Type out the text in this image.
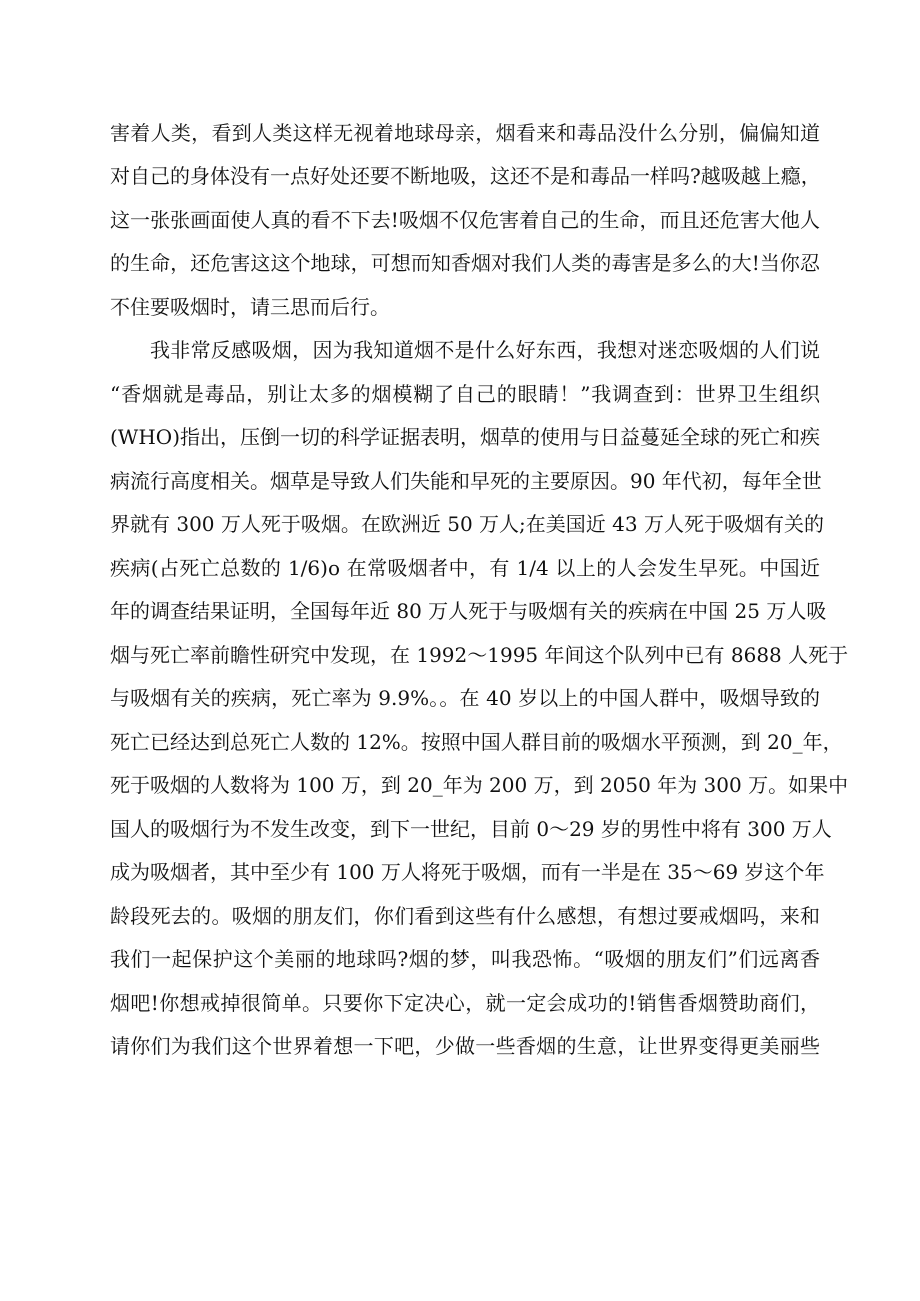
害着人类，看到人类这样无视着地球母亲，烟看来和毒品没什么分别，偏偏知道

对自己的身体没有一点好处还要不断地吸，这还不是和毒品一样吗?越吸越上瘾，

这一张张画面使人真的看不下去!吸烟不仅危害着自己的生命，而且还危害大他人

的生命，还危害这这个地球，可想而知香烟对我们人类的毒害是多么的大!当你忍

不住要吸烟时，请三思而后行。

我非常反感吸烟，因为我知道烟不是什么好东西，我想对迷恋吸烟的人们说

“香烟就是毒品，别让太多的烟模糊了自己的眼睛！”我调查到：世界卫生组织

(WHO)指出，压倒一切的科学证据表明，烟草的使用与日益蔓延全球的死亡和疾

病流行高度相关。烟草是导致人们失能和早死的主要原因。90 年代初，每年全世

界就有 300 万人死于吸烟。在欧洲近 50 万人;在美国近 43 万人死于吸烟有关的

疾病(占死亡总数的 1/6)o 在常吸烟者中，有 1/4 以上的人会发生早死。中国近

年的调查结果证明，全国每年近 80 万人死于与吸烟有关的疾病在中国 25 万人吸

烟与死亡率前瞻性研究中发现，在 1992～1995 年间这个队列中已有 8688 人死于

与吸烟有关的疾病，死亡率为 9.9%。。在 40 岁以上的中国人群中，吸烟导致的

死亡已经达到总死亡人数的 12%。按照中国人群目前的吸烟水平预测，到 20_年，

死于吸烟的人数将为 100 万，到 20_年为 200 万，到 2050 年为 300 万。如果中

国人的吸烟行为不发生改变，到下一世纪，目前 0～29 岁的男性中将有 300 万人

成为吸烟者，其中至少有 100 万人将死于吸烟，而有一半是在 35～69 岁这个年

龄段死去的。吸烟的朋友们，你们看到这些有什么感想，有想过要戒烟吗，来和

我们一起保护这个美丽的地球吗?烟的梦，叫我恐怖。“吸烟的朋友们”们远离香

烟吧!你想戒掉很简单。只要你下定决心，就一定会成功的!销售香烟赞助商们，

请你们为我们这个世界着想一下吧，少做一些香烟的生意，让世界变得更美丽些
